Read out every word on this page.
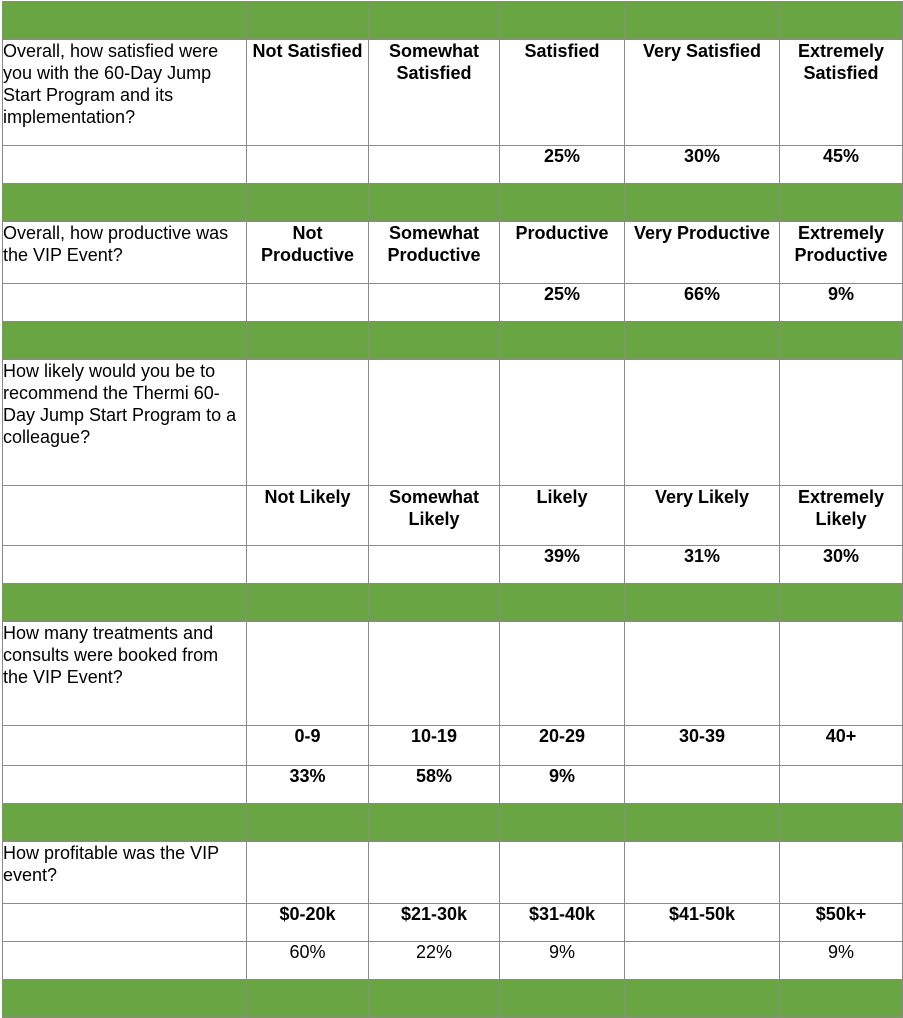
Overall, how satisfied were you with the 60-Day Jump Start Program and its implementation?	Not Satisfied	Somewhat Satisfied	Satisfied	Very Satisfied	Extremely Satisfied
			25%	30%	45%

Overall, how productive was the VIP Event?	Not Productive	Somewhat Productive	Productive	Very Productive	Extremely Productive
			25%	66%	9%

How likely would you be to recommend the Thermi 60-Day Jump Start Program to a colleague?					
	Not Likely	Somewhat Likely	Likely	Very Likely	Extremely Likely
			39%	31%	30%

How many treatments and consults were booked from the VIP Event?					
	0-9	10-19	20-29	30-39	40+
	33%	58%	9%		

How profitable was the VIP event?					
	$0-20k	$21-30k	$31-40k	$41-50k	$50k+
	60%	22%	9%		9%
